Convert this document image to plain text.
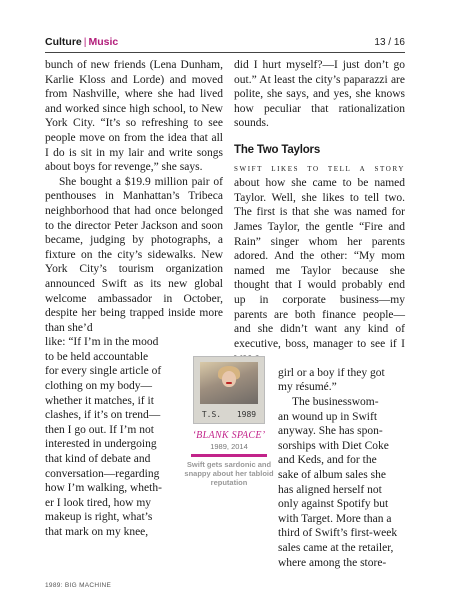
Culture | Music	13 / 16

bunch of new friends (Lena Dunham, Karlie Kloss and Lorde) and moved from Nashville, where she had lived and worked since high school, to New York City. “It’s so refreshing to see people move on from the idea that all I do is sit in my lair and write songs about boys for revenge,” she says.

She bought a $19.9 million pair of penthouses in Manhattan’s Tribeca neighborhood that had once belonged to the director Peter Jackson and soon became, judging by photographs, a fixture on the city’s sidewalks. New York City’s tourism organization announced Swift as its new global welcome ambassador in October, despite her being trapped inside more than she’d

like: “If I’m in the mood
to be held accountable
for every single article of
clothing on my body—
whether it matches, if it
clashes, if it’s on trend—
then I go out. If I’m not
interested in undergoing
that kind of debate and
conversation—regarding
how I’m walking, wheth-
er I look tired, how my
makeup is right, what’s
that mark on my knee,

did I hurt myself?—I just don’t go out.” At least the city’s paparazzi are polite, she says, and yes, she knows how peculiar that rationalization sounds.

The Two Taylors

swift likes to tell a story about how she came to be named Taylor. Well, she likes to tell two. The first is that she was named for James Taylor, the gentle “Fire and Rain” singer whom her parents adored. And the other: “My mom named me Taylor because she thought that I would probably end up in corporate business—my parents are both finance people—and she didn’t want any kind of executive, boss, manager to see if I

girl or a boy if they got
my résumé.”
The businesswom-
an wound up in Swift
anyway. She has spon-
sorships with Diet Coke
and Keds, and for the
sake of album sales she
has aligned herself not
only against Spotify but
with Target. More than a
third of Swift’s first-week
sales came at the retailer,
where among the store-
T.S. 1989
‘BLANK SPACE’
1989, 2014
Swift gets sardonic and snappy about her tabloid reputation
1989: BIG MACHINE
